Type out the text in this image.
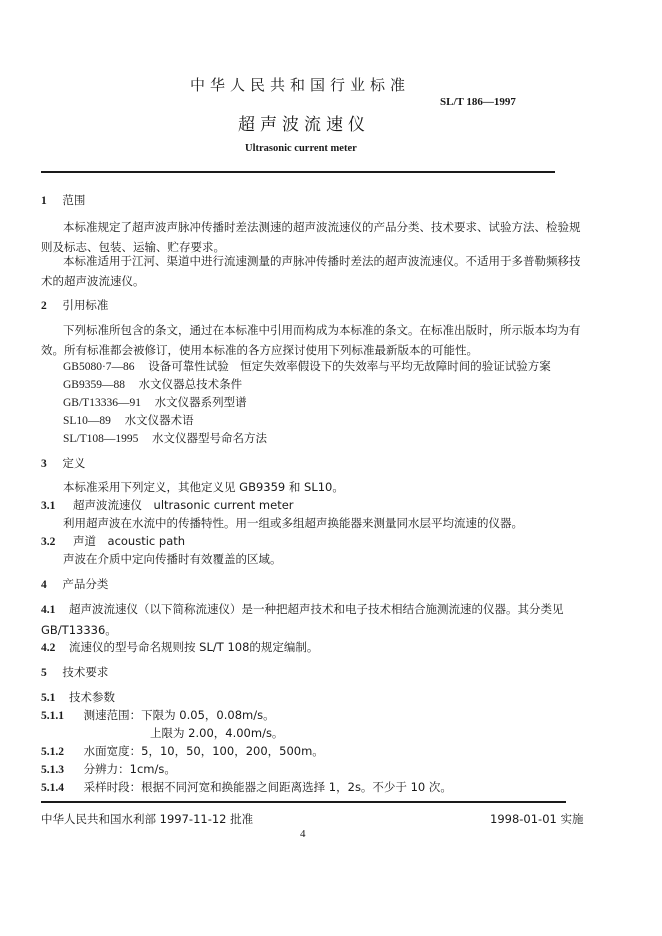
中华人民共和国行业标准
SL/T 186—1997
超声波流速仪
Ultrasonic current meter
1 范围
本标准规定了超声波声脉冲传播时差法测速的超声波流速仪的产品分类、技术要求、试验方法、检验规则及标志、包装、运输、贮存要求。
本标准适用于江河、渠道中进行流速测量的声脉冲传播时差法的超声波流速仪。不适用于多普勒频移技术的超声波流速仪。
2 引用标准
下列标准所包含的条文，通过在本标准中引用而构成为本标准的条文。在标准出版时，所示版本均为有效。所有标准都会被修订，使用本标准的各方应探讨使用下列标准最新版本的可能性。
GB5080·7—86 设备可靠性试验　恒定失效率假设下的失效率与平均无故障时间的验证试验方案
GB9359—88 水文仪器总技术条件
GB/T13336—91 水文仪器系列型谱
SL10—89 水文仪器术语
SL/T108—1995 水文仪器型号命名方法
3 定义
本标准采用下列定义，其他定义见 GB9359 和 SL10。
3.1 超声波流速仪　ultrasonic current meter
利用超声波在水流中的传播特性。用一组或多组超声换能器来测量同水层平均流速的仪器。
3.2 声道　acoustic path
声波在介质中定向传播时有效覆盖的区域。
4 产品分类
4.1 超声波流速仪（以下简称流速仪）是一种把超声技术和电子技术相结合施测流速的仪器。其分类见 GB/T13336。
4.2 流速仪的型号命名规则按 SL/T 108的规定编制。
5 技术要求
5.1 技术参数
5.1.1 测速范围：下限为 0.05，0.08m/s。
上限为 2.00，4.00m/s。
5.1.2 水面宽度：5，10，50，100，200，500m。
5.1.3 分辨力：1cm/s。
5.1.4 采样时段：根据不同河宽和换能器之间距离选择 1，2s。不少于 10 次。
中华人民共和国水利部 1997-11-12 批准	1998-01-01 实施
4
